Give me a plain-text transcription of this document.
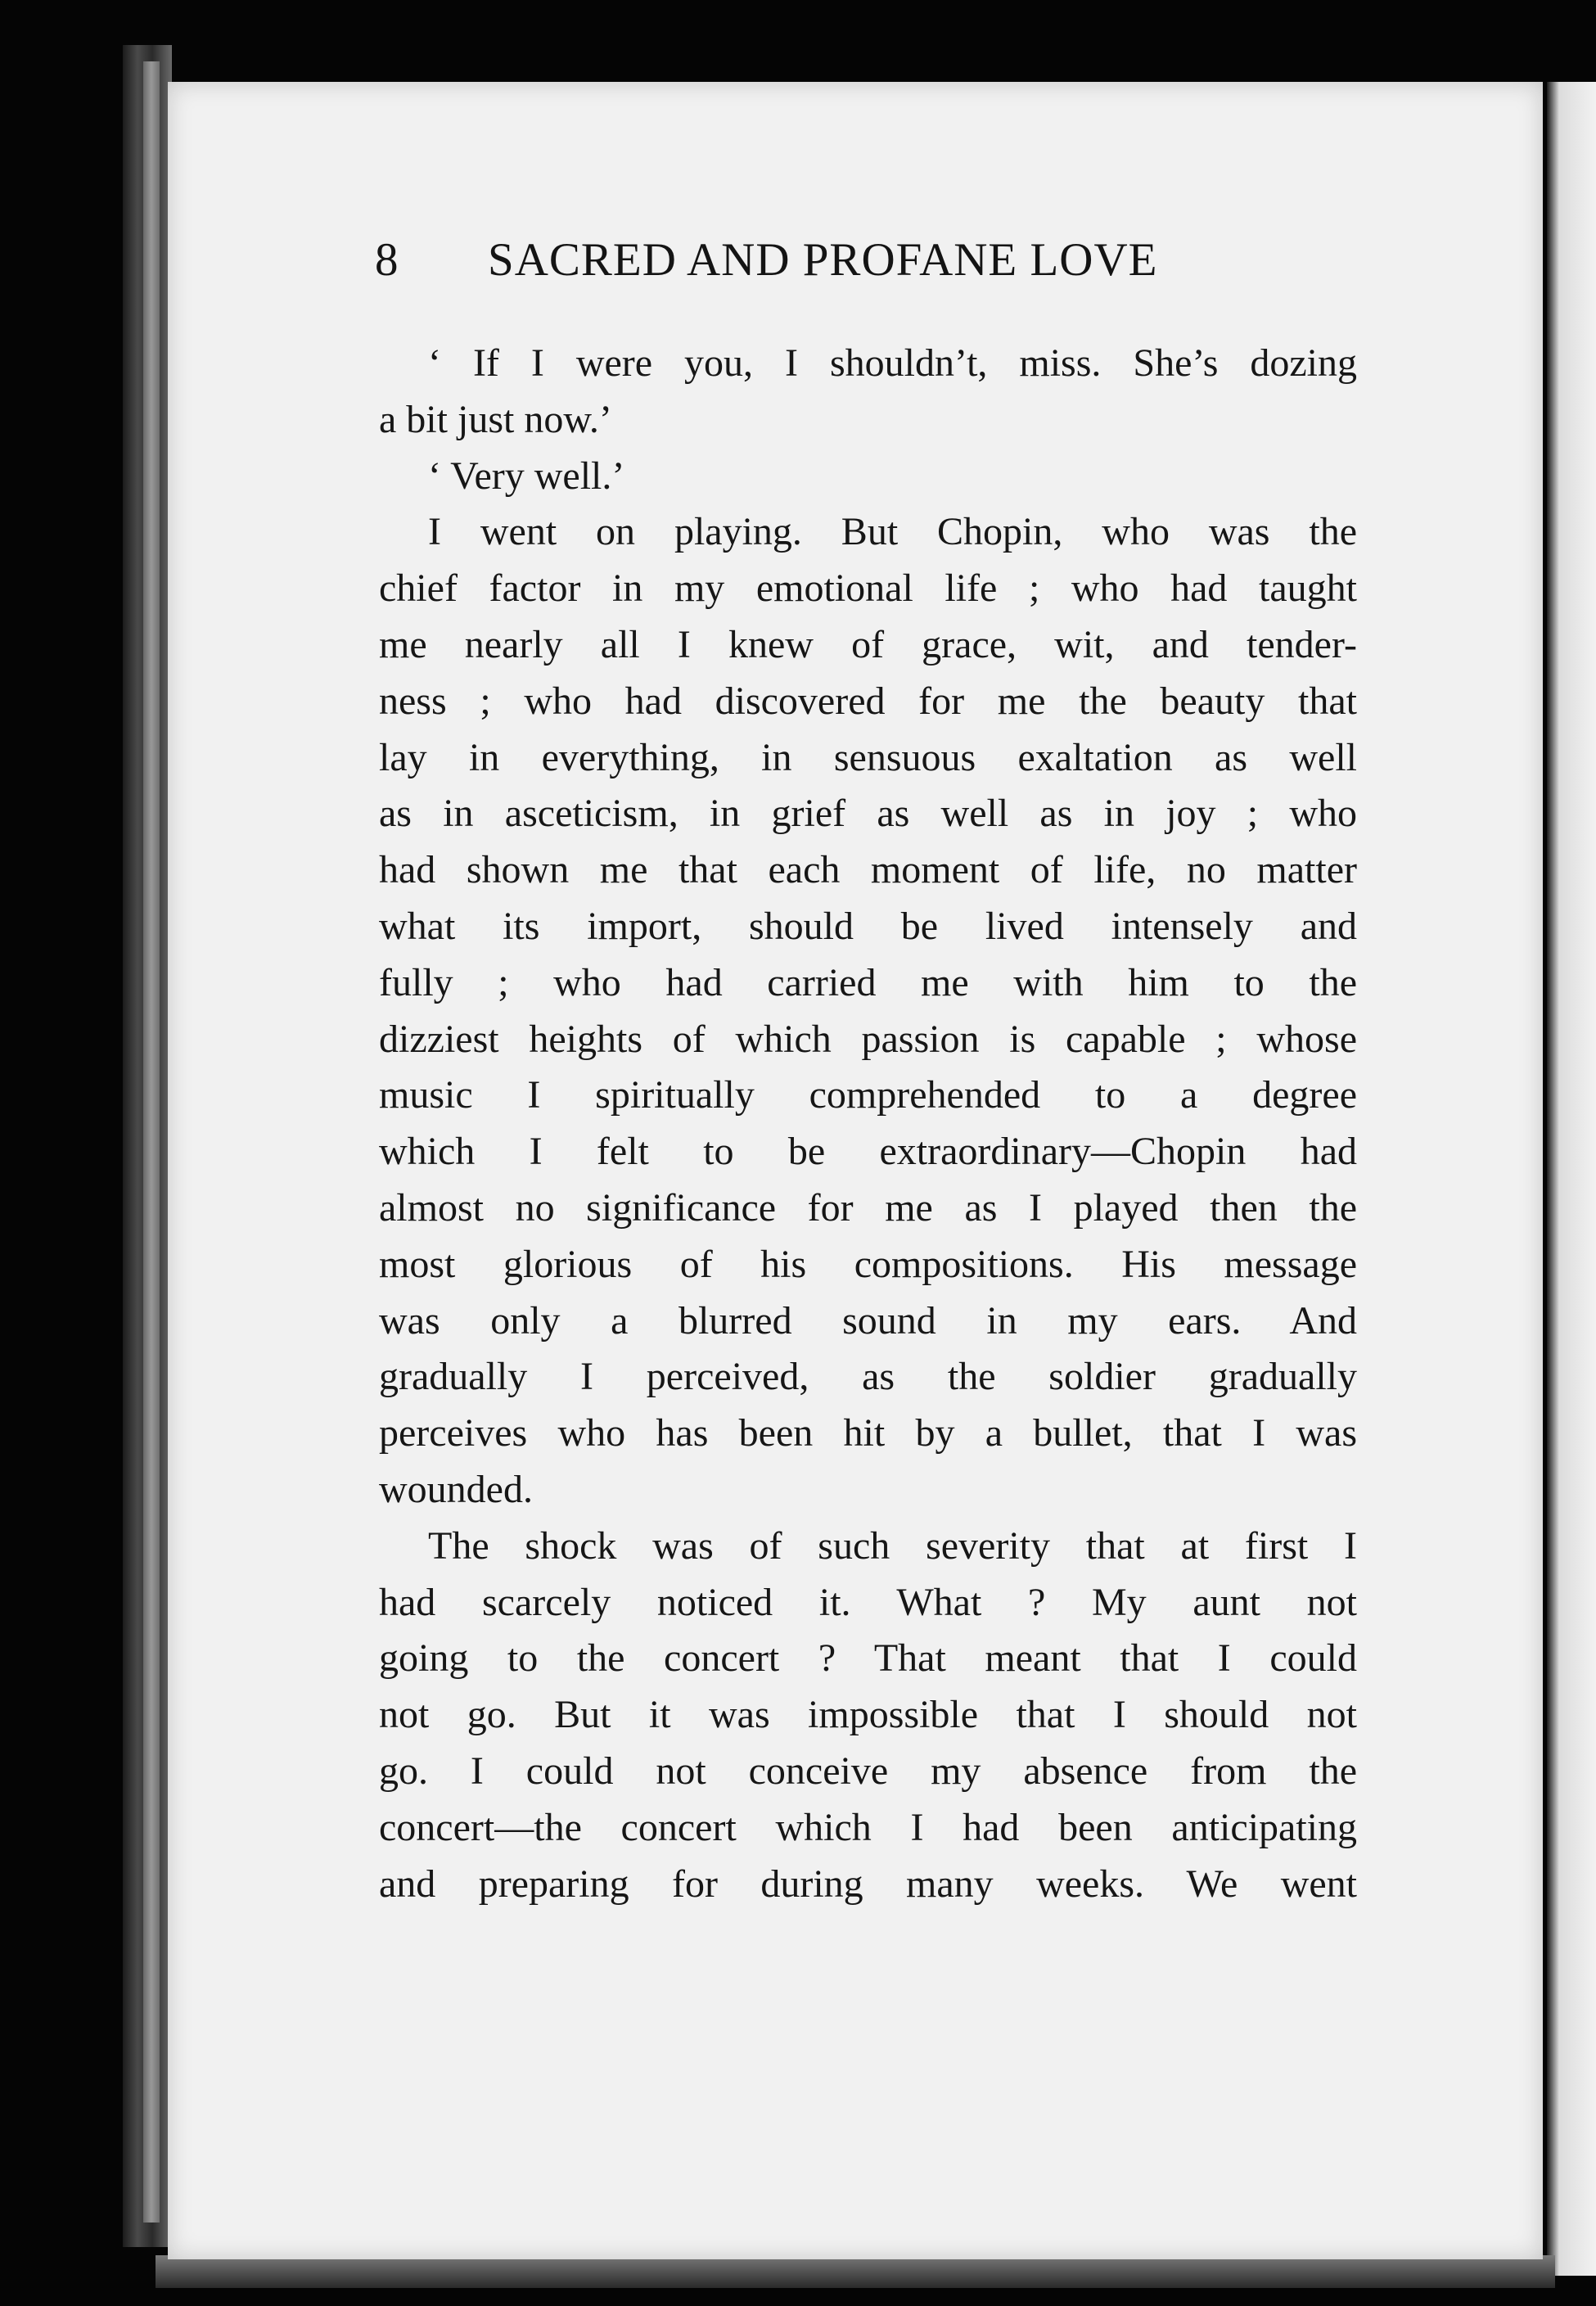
8 SACRED AND PROFANE LOVE
‘ If I were you, I shouldn’t, miss. She’s dozing
a bit just now.’
‘ Very well.’
I went on playing. But Chopin, who was the
chief factor in my emotional life ; who had taught
me nearly all I knew of grace, wit, and tender-
ness ; who had discovered for me the beauty that
lay in everything, in sensuous exaltation as well
as in asceticism, in grief as well as in joy ; who
had shown me that each moment of life, no matter
what its import, should be lived intensely and
fully ; who had carried me with him to the
dizziest heights of which passion is capable ; whose
music I spiritually comprehended to a degree
which I felt to be extraordinary—Chopin had
almost no significance for me as I played then the
most glorious of his compositions. His message
was only a blurred sound in my ears. And
gradually I perceived, as the soldier gradually
perceives who has been hit by a bullet, that I was
wounded.
The shock was of such severity that at first I
had scarcely noticed it. What ? My aunt not
going to the concert ? That meant that I could
not go. But it was impossible that I should not
go. I could not conceive my absence from the
concert—the concert which I had been anticipating
and preparing for during many weeks. We went
